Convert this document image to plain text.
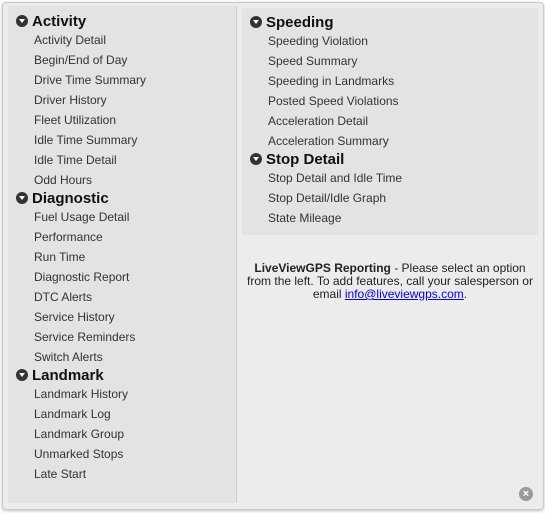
Activity
Activity Detail
Begin/End of Day
Drive Time Summary
Driver History
Fleet Utilization
Idle Time Summary
Idle Time Detail
Odd Hours
Diagnostic
Fuel Usage Detail
Performance
Run Time
Diagnostic Report
DTC Alerts
Service History
Service Reminders
Switch Alerts
Landmark
Landmark History
Landmark Log
Landmark Group
Unmarked Stops
Late Start
Speeding
Speeding Violation
Speed Summary
Speeding in Landmarks
Posted Speed Violations
Acceleration Detail
Acceleration Summary
Stop Detail
Stop Detail and Idle Time
Stop Detail/Idle Graph
State Mileage
LiveViewGPS Reporting - Please select an option from the left. To add features, call your salesperson or email info@liveviewgps.com.
×
